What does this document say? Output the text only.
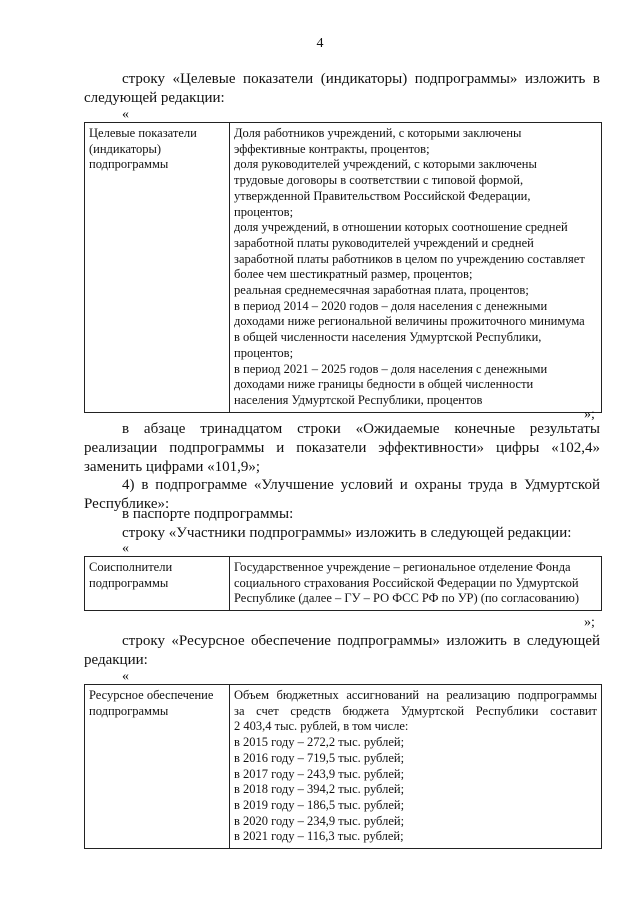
4
строку «Целевые показатели (индикаторы) подпрограммы» изложить в
следующей редакции:
«
Целевые показатели
(индикаторы)
подпрограммы

Доля работников учреждений, с которыми заключены
эффективные контракты, процентов;
доля руководителей учреждений, с которыми заключены
трудовые договоры в соответствии с типовой формой,
утвержденной Правительством Российской Федерации,
процентов;
доля учреждений, в отношении которых соотношение средней
заработной платы руководителей учреждений и средней
заработной платы работников в целом по учреждению составляет
более чем шестикратный размер, процентов;
реальная среднемесячная заработная плата, процентов;
в период 2014 – 2020 годов – доля населения с денежными
доходами ниже региональной величины прожиточного минимума
в общей численности населения Удмуртской Республики,
процентов;
в период 2021 – 2025 годов – доля населения с денежными
доходами ниже границы бедности в общей численности
населения Удмуртской Республики, процентов
»;
в абзаце тринадцатом строки «Ожидаемые конечные результаты
реализации подпрограммы и показатели эффективности» цифры «102,4»
заменить цифрами «101,9»;
4) в подпрограмме «Улучшение условий и охраны труда в Удмуртской
Республике»:
в паспорте подпрограммы:
строку «Участники подпрограммы» изложить в следующей редакции:
«
Соисполнители
подпрограммы

Государственное учреждение – региональное отделение Фонда
социального страхования Российской Федерации по Удмуртской
Республике (далее – ГУ – РО ФСС РФ по УР) (по согласованию)
»;
строку «Ресурсное обеспечение подпрограммы» изложить в следующей
редакции:
«
Ресурсное обеспечение
подпрограммы

Объем бюджетных ассигнований на реализацию подпрограммы
за счет средств бюджета Удмуртской Республики составит
2 403,4 тыс. рублей, в том числе:
в 2015 году – 272,2 тыс. рублей;
в 2016 году – 719,5 тыс. рублей;
в 2017 году – 243,9 тыс. рублей;
в 2018 году – 394,2 тыс. рублей;
в 2019 году – 186,5 тыс. рублей;
в 2020 году – 234,9 тыс. рублей;
в 2021 году – 116,3 тыс. рублей;
